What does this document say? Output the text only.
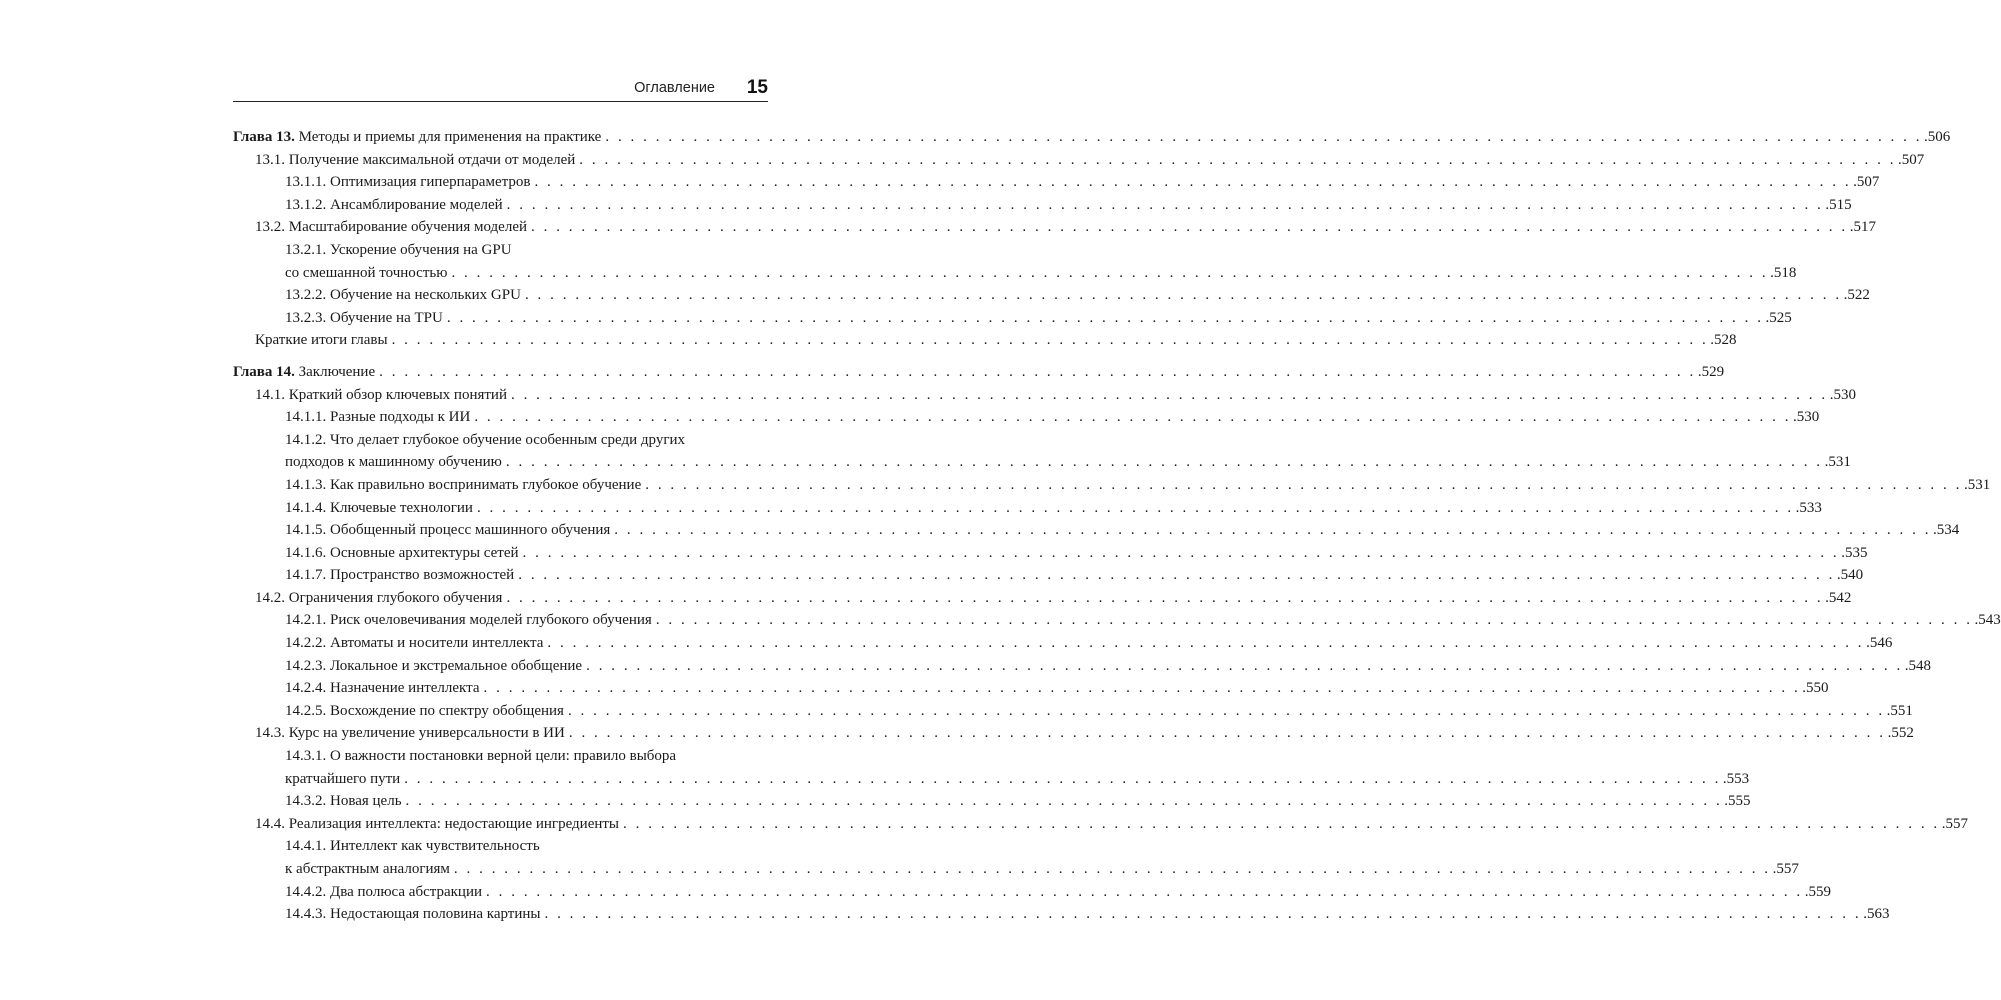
Оглавление 15
Глава 13. Методы и приемы для применения на практике . . . . . . . . . . . . . . . . . . . . . . . . . . . . . . . . . . . . . . . . . . . . . . . . . . . . . . . . . . . . . . . . . . . . . . . . . . . . . . . . . . . . . . . . . . . . . . . . . . . . . . . . . .506
13.1. Получение максимальной отдачи от моделей . . . . . . . . . . . . . . . . . . . . . . . . . . . . . . . . . . . . . . . . . . . . . . . . . . . . . . . . . . . . . . . . . . . . . . . . . . . . . . . . . . . . . . . . . . . . . . . . . . . . . . . . . .507
13.1.1. Оптимизация гиперпараметров . . . . . . . . . . . . . . . . . . . . . . . . . . . . . . . . . . . . . . . . . . . . . . . . . . . . . . . . . . . . . . . . . . . . . . . . . . . . . . . . . . . . . . . . . . . . . . . . . . . . . . . . . .507
13.1.2. Ансамблирование моделей . . . . . . . . . . . . . . . . . . . . . . . . . . . . . . . . . . . . . . . . . . . . . . . . . . . . . . . . . . . . . . . . . . . . . . . . . . . . . . . . . . . . . . . . . . . . . . . . . . . . . . . . . .515
13.2. Масштабирование обучения моделей . . . . . . . . . . . . . . . . . . . . . . . . . . . . . . . . . . . . . . . . . . . . . . . . . . . . . . . . . . . . . . . . . . . . . . . . . . . . . . . . . . . . . . . . . . . . . . . . . . . . . . . . . .517
13.2.1. Ускорение обучения на GPU
со смешанной точностью . . . . . . . . . . . . . . . . . . . . . . . . . . . . . . . . . . . . . . . . . . . . . . . . . . . . . . . . . . . . . . . . . . . . . . . . . . . . . . . . . . . . . . . . . . . . . . . . . . . . . . . . . .518
13.2.2. Обучение на нескольких GPU . . . . . . . . . . . . . . . . . . . . . . . . . . . . . . . . . . . . . . . . . . . . . . . . . . . . . . . . . . . . . . . . . . . . . . . . . . . . . . . . . . . . . . . . . . . . . . . . . . . . . . . . . .522
13.2.3. Обучение на TPU . . . . . . . . . . . . . . . . . . . . . . . . . . . . . . . . . . . . . . . . . . . . . . . . . . . . . . . . . . . . . . . . . . . . . . . . . . . . . . . . . . . . . . . . . . . . . . . . . . . . . . . . . .525
Краткие итоги главы . . . . . . . . . . . . . . . . . . . . . . . . . . . . . . . . . . . . . . . . . . . . . . . . . . . . . . . . . . . . . . . . . . . . . . . . . . . . . . . . . . . . . . . . . . . . . . . . . . . . . . . . . .528
Глава 14. Заключение . . . . . . . . . . . . . . . . . . . . . . . . . . . . . . . . . . . . . . . . . . . . . . . . . . . . . . . . . . . . . . . . . . . . . . . . . . . . . . . . . . . . . . . . . . . . . . . . . . . . . . . . . .529
14.1. Краткий обзор ключевых понятий . . . . . . . . . . . . . . . . . . . . . . . . . . . . . . . . . . . . . . . . . . . . . . . . . . . . . . . . . . . . . . . . . . . . . . . . . . . . . . . . . . . . . . . . . . . . . . . . . . . . . . . . . .530
14.1.1. Разные подходы к ИИ . . . . . . . . . . . . . . . . . . . . . . . . . . . . . . . . . . . . . . . . . . . . . . . . . . . . . . . . . . . . . . . . . . . . . . . . . . . . . . . . . . . . . . . . . . . . . . . . . . . . . . . . . .530
14.1.2. Что делает глубокое обучение особенным среди других
подходов к машинному обучению . . . . . . . . . . . . . . . . . . . . . . . . . . . . . . . . . . . . . . . . . . . . . . . . . . . . . . . . . . . . . . . . . . . . . . . . . . . . . . . . . . . . . . . . . . . . . . . . . . . . . . . . . .531
14.1.3. Как правильно воспринимать глубокое обучение . . . . . . . . . . . . . . . . . . . . . . . . . . . . . . . . . . . . . . . . . . . . . . . . . . . . . . . . . . . . . . . . . . . . . . . . . . . . . . . . . . . . . . . . . . . . . . . . . . . . . . . . . .531
14.1.4. Ключевые технологии . . . . . . . . . . . . . . . . . . . . . . . . . . . . . . . . . . . . . . . . . . . . . . . . . . . . . . . . . . . . . . . . . . . . . . . . . . . . . . . . . . . . . . . . . . . . . . . . . . . . . . . . . .533
14.1.5. Обобщенный процесс машинного обучения . . . . . . . . . . . . . . . . . . . . . . . . . . . . . . . . . . . . . . . . . . . . . . . . . . . . . . . . . . . . . . . . . . . . . . . . . . . . . . . . . . . . . . . . . . . . . . . . . . . . . . . . . .534
14.1.6. Основные архитектуры сетей . . . . . . . . . . . . . . . . . . . . . . . . . . . . . . . . . . . . . . . . . . . . . . . . . . . . . . . . . . . . . . . . . . . . . . . . . . . . . . . . . . . . . . . . . . . . . . . . . . . . . . . . . .535
14.1.7. Пространство возможностей . . . . . . . . . . . . . . . . . . . . . . . . . . . . . . . . . . . . . . . . . . . . . . . . . . . . . . . . . . . . . . . . . . . . . . . . . . . . . . . . . . . . . . . . . . . . . . . . . . . . . . . . . .540
14.2. Ограничения глубокого обучения . . . . . . . . . . . . . . . . . . . . . . . . . . . . . . . . . . . . . . . . . . . . . . . . . . . . . . . . . . . . . . . . . . . . . . . . . . . . . . . . . . . . . . . . . . . . . . . . . . . . . . . . . .542
14.2.1. Риск очеловечивания моделей глубокого обучения . . . . . . . . . . . . . . . . . . . . . . . . . . . . . . . . . . . . . . . . . . . . . . . . . . . . . . . . . . . . . . . . . . . . . . . . . . . . . . . . . . . . . . . . . . . . . . . . . . . . . . . . . .543
14.2.2. Автоматы и носители интеллекта . . . . . . . . . . . . . . . . . . . . . . . . . . . . . . . . . . . . . . . . . . . . . . . . . . . . . . . . . . . . . . . . . . . . . . . . . . . . . . . . . . . . . . . . . . . . . . . . . . . . . . . . . .546
14.2.3. Локальное и экстремальное обобщение . . . . . . . . . . . . . . . . . . . . . . . . . . . . . . . . . . . . . . . . . . . . . . . . . . . . . . . . . . . . . . . . . . . . . . . . . . . . . . . . . . . . . . . . . . . . . . . . . . . . . . . . . .548
14.2.4. Назначение интеллекта . . . . . . . . . . . . . . . . . . . . . . . . . . . . . . . . . . . . . . . . . . . . . . . . . . . . . . . . . . . . . . . . . . . . . . . . . . . . . . . . . . . . . . . . . . . . . . . . . . . . . . . . . .550
14.2.5. Восхождение по спектру обобщения . . . . . . . . . . . . . . . . . . . . . . . . . . . . . . . . . . . . . . . . . . . . . . . . . . . . . . . . . . . . . . . . . . . . . . . . . . . . . . . . . . . . . . . . . . . . . . . . . . . . . . . . . .551
14.3. Курс на увеличение универсальности в ИИ . . . . . . . . . . . . . . . . . . . . . . . . . . . . . . . . . . . . . . . . . . . . . . . . . . . . . . . . . . . . . . . . . . . . . . . . . . . . . . . . . . . . . . . . . . . . . . . . . . . . . . . . . .552
14.3.1. О важности постановки верной цели: правило выбора
кратчайшего пути . . . . . . . . . . . . . . . . . . . . . . . . . . . . . . . . . . . . . . . . . . . . . . . . . . . . . . . . . . . . . . . . . . . . . . . . . . . . . . . . . . . . . . . . . . . . . . . . . . . . . . . . . .553
14.3.2. Новая цель . . . . . . . . . . . . . . . . . . . . . . . . . . . . . . . . . . . . . . . . . . . . . . . . . . . . . . . . . . . . . . . . . . . . . . . . . . . . . . . . . . . . . . . . . . . . . . . . . . . . . . . . . .555
14.4. Реализация интеллекта: недостающие ингредиенты . . . . . . . . . . . . . . . . . . . . . . . . . . . . . . . . . . . . . . . . . . . . . . . . . . . . . . . . . . . . . . . . . . . . . . . . . . . . . . . . . . . . . . . . . . . . . . . . . . . . . . . . . .557
14.4.1. Интеллект как чувствительность
к абстрактным аналогиям . . . . . . . . . . . . . . . . . . . . . . . . . . . . . . . . . . . . . . . . . . . . . . . . . . . . . . . . . . . . . . . . . . . . . . . . . . . . . . . . . . . . . . . . . . . . . . . . . . . . . . . . . .557
14.4.2. Два полюса абстракции . . . . . . . . . . . . . . . . . . . . . . . . . . . . . . . . . . . . . . . . . . . . . . . . . . . . . . . . . . . . . . . . . . . . . . . . . . . . . . . . . . . . . . . . . . . . . . . . . . . . . . . . . .559
14.4.3. Недостающая половина картины . . . . . . . . . . . . . . . . . . . . . . . . . . . . . . . . . . . . . . . . . . . . . . . . . . . . . . . . . . . . . . . . . . . . . . . . . . . . . . . . . . . . . . . . . . . . . . . . . . . . . . . . . .563
